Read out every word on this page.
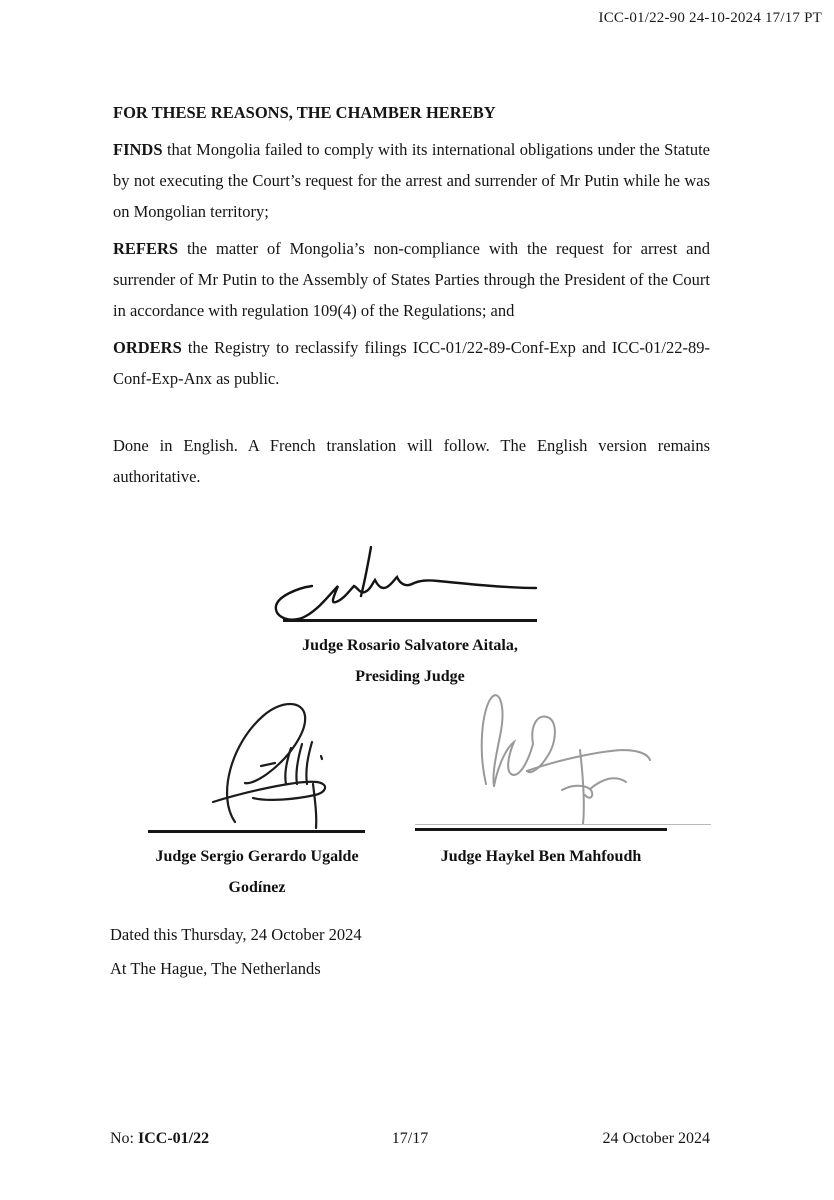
ICC-01/22-90 24-10-2024 17/17 PT

FOR THESE REASONS, THE CHAMBER HEREBY

FINDS that Mongolia failed to comply with its international obligations under the Statute by not executing the Court’s request for the arrest and surrender of Mr Putin while he was on Mongolian territory;

REFERS the matter of Mongolia’s non-compliance with the request for arrest and surrender of Mr Putin to the Assembly of States Parties through the President of the Court in accordance with regulation 109(4) of the Regulations; and

ORDERS the Registry to reclassify filings ICC-01/22-89-Conf-Exp and ICC-01/22-89-Conf-Exp-Anx as public.

Done in English. A French translation will follow. The English version remains authoritative.

Judge Rosario Salvatore Aitala,
Presiding Judge
Judge Sergio Gerardo Ugalde
Godínez
Judge Haykel Ben Mahfoudh
Dated this Thursday, 24 October 2024
At The Hague, The Netherlands
No: ICC-01/22	17/17	24 October 2024
